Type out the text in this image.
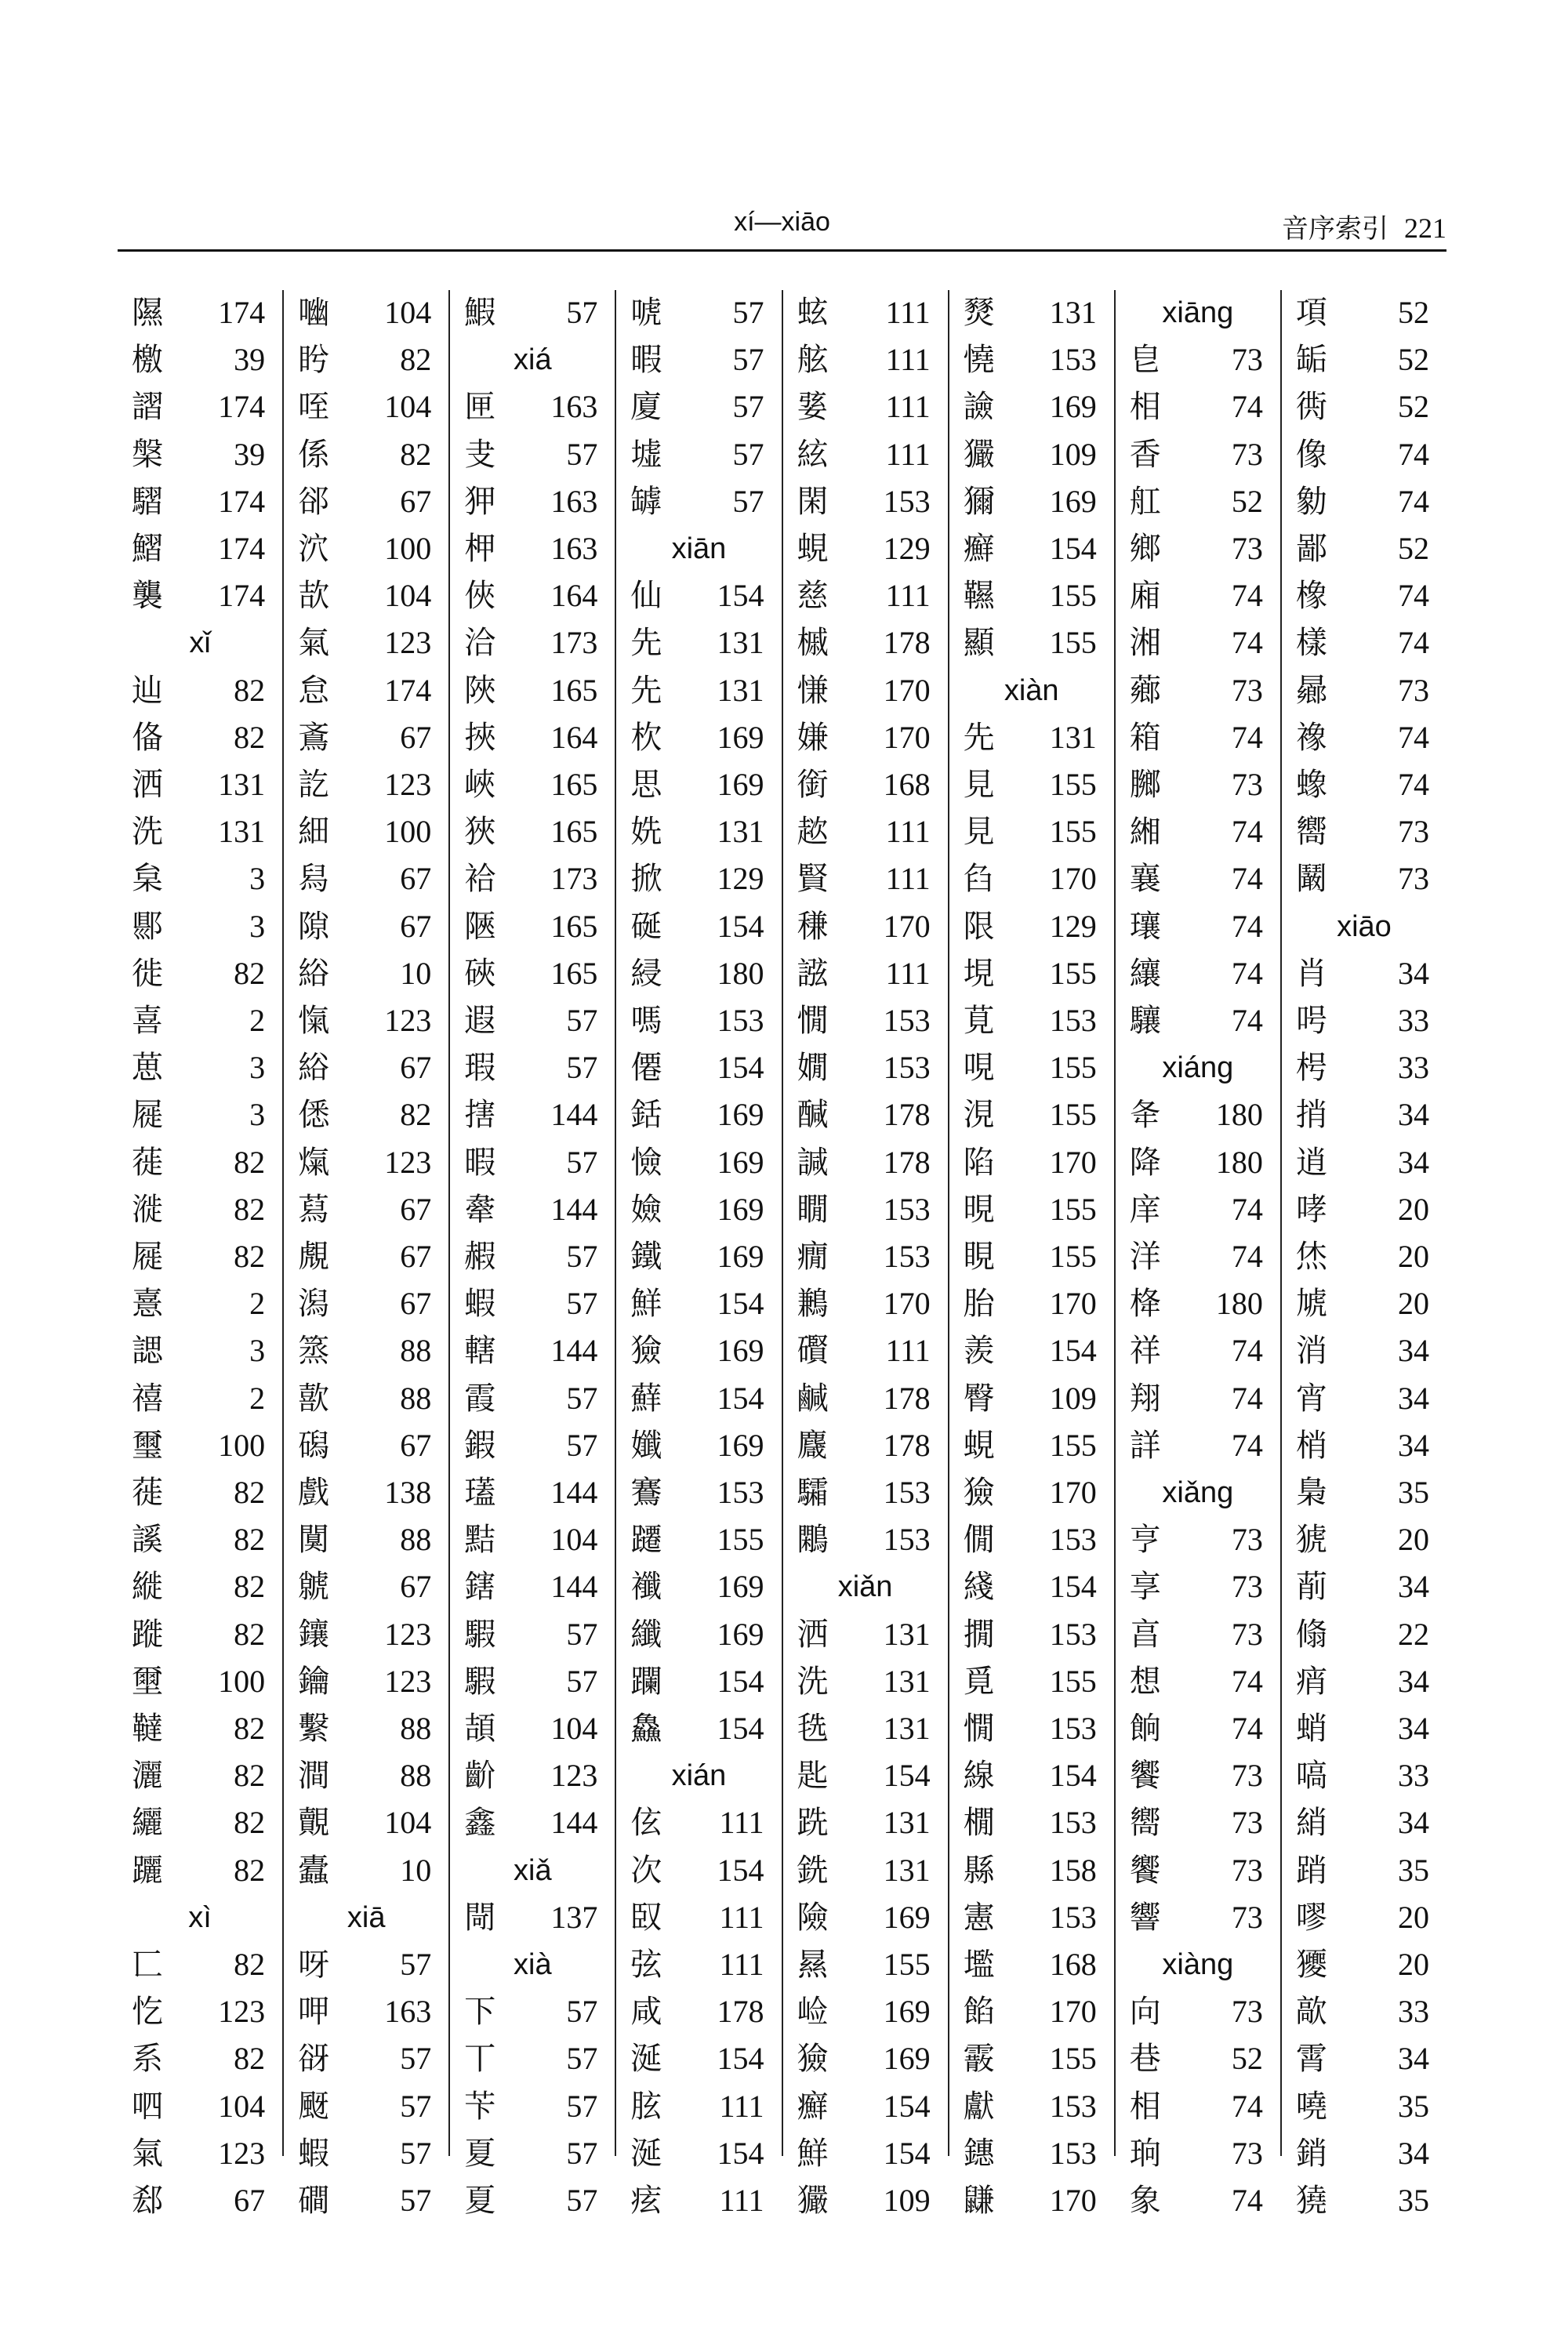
xí—xiāo	音序索引 221
隰 174
檄 39
謵 174
槃 39
騽 174
鰼 174
襲 174
xǐ
辿 82
俻 82
洒 131
洗 131
枲	3
郻	3
徙 82
喜	2
葸	3
屣	3
蓰 82
漇 82
屣 82
憙	2
諰	3
禧	2
璽 100
蓰 82
謑 82
縰 82
蹝 82
壐 100
韃 82
灑 82
纚 82
躧 82
xì
匸 82
忔 123
系 82
呬 104
氣 123
郄 67
㗀 104
盻 82
咥 104
係 82
郤 67
泬 100
欯 104
氣 123
怠 174
鴍 67
訖 123
細 100
舄 67
隙 67
綌 10
愾 123
綌 67
僁 82
熂 123
蕮 67
覤 67
潟 67
篜 88
歖 88
磶 67
戲 138
闃 88
虩 67
鑲 123
鑰 123
繫 88
澗 88
覿 104
蠹 10
xiā
呀 57
呷 163
谺 57
颬 57
蝦 57
磵 57
鰕 57
xiá
匣 163
叏 57
狎 163
柙 163
俠 164
洽 173
陜 165
挾 164
峽 165
狹 165
袷 173
陿 165
硤 165
遐 57
瑕 57
搳 144
暇 57
舝 144
赮 57
蝦 57
轄 144
霞 57
鍜 57
瓂 144
黠 104
鎋 144
騢 57
騢 57
頡 104
齘 123
鑫 144
xiǎ
閜 137
xià
下 57
丅 57
苄 57
夏 57
夏 57
唬 57
暇 57
廈 57
墟 57
罅 57
xiān
仙 154
先 131
先 131
杴 169
思 169
姺 131
掀 129
硟 154
綅 180
嗎 153
僊 154
銛 169
憸 169
嬐 169
鐵 169
鮮 154
獫 169
蘚 154
孅 169
鶱 153
躚 155
襳 169
纖 169
躝 154
鱻 154
xián
伭 111
次 154
臤 111
弦 111
咸 178
涎 154
胘 111
涎 154
痃 111
蚿 111
舷 111
婱 111
絃 111
閑 153
蜆 129
慈 111
槭 178
慊 170
嫌 170
銜 168
趑 111
賢 111
稴 170
誸 111
憪 153
嫺 153
醎 178
諴 178
瞯 153
癇 153
鶼 170
礥 111
鹹 178
麙 178
驦 153
鷴 153
xiǎn
洒 131
洗 131
毨 131
匙 154
跣 131
銑 131
險 169
㬎 155
崄 169
獫 169
癬 154
鮮 154
玁 109
燹 131
憢 153
譣 169
玁 109
獮 169
癬 154
韅 155
顯 155
xiàn
先 131
見 155
見 155
臽 170
限 129
垷 155
莧 153
哯 155
涀 155
陷 170
晛 155
睍 155
胎 170
羨 154
臀 109
蜆 155
獫 170
僩 153
綫 154
撊 153
覓 155
憪 153
線 154
橌 153
縣 158
憲 153
壏 168
餡 170
霰 155
獻 153
鏸 153
鼸 170
xiāng
皀 73
相 74
香 73
舡 52
鄉 73
廂 74
湘 74
薌 73
箱 74
膷 73
緗 74
襄 74
瓖 74
纕 74
驤 74
xiáng
夅 180
降 180
庠 74
洋 74
栙 180
祥 74
翔 74
詳 74
xiǎng
亨 73
享 73
亯 73
想 74
餉 74
饗 73
嚮 73
饗 73
響 73
xiàng
向 73
巷 52
相 74
珦 73
象 74
項 52
缿 52
衖 52
像 74
勨 74
鄙 52
橡 74
樣 74
曏 73
襐 74
蟓 74
嚮 73
鬫 73
xiāo
肖 34
呺 33
枵 33
捎 34
逍 34
哮 20
烋 20
虓 20
消 34
宵 34
梢 34
梟 35
猇 20
萷 34
翛 22
痟 34
蛸 34
嗃 33
綃 34
踃 35
嘐 20
獿 20
歊 33
霄 34
嘵 35
銷 34
獟 35
